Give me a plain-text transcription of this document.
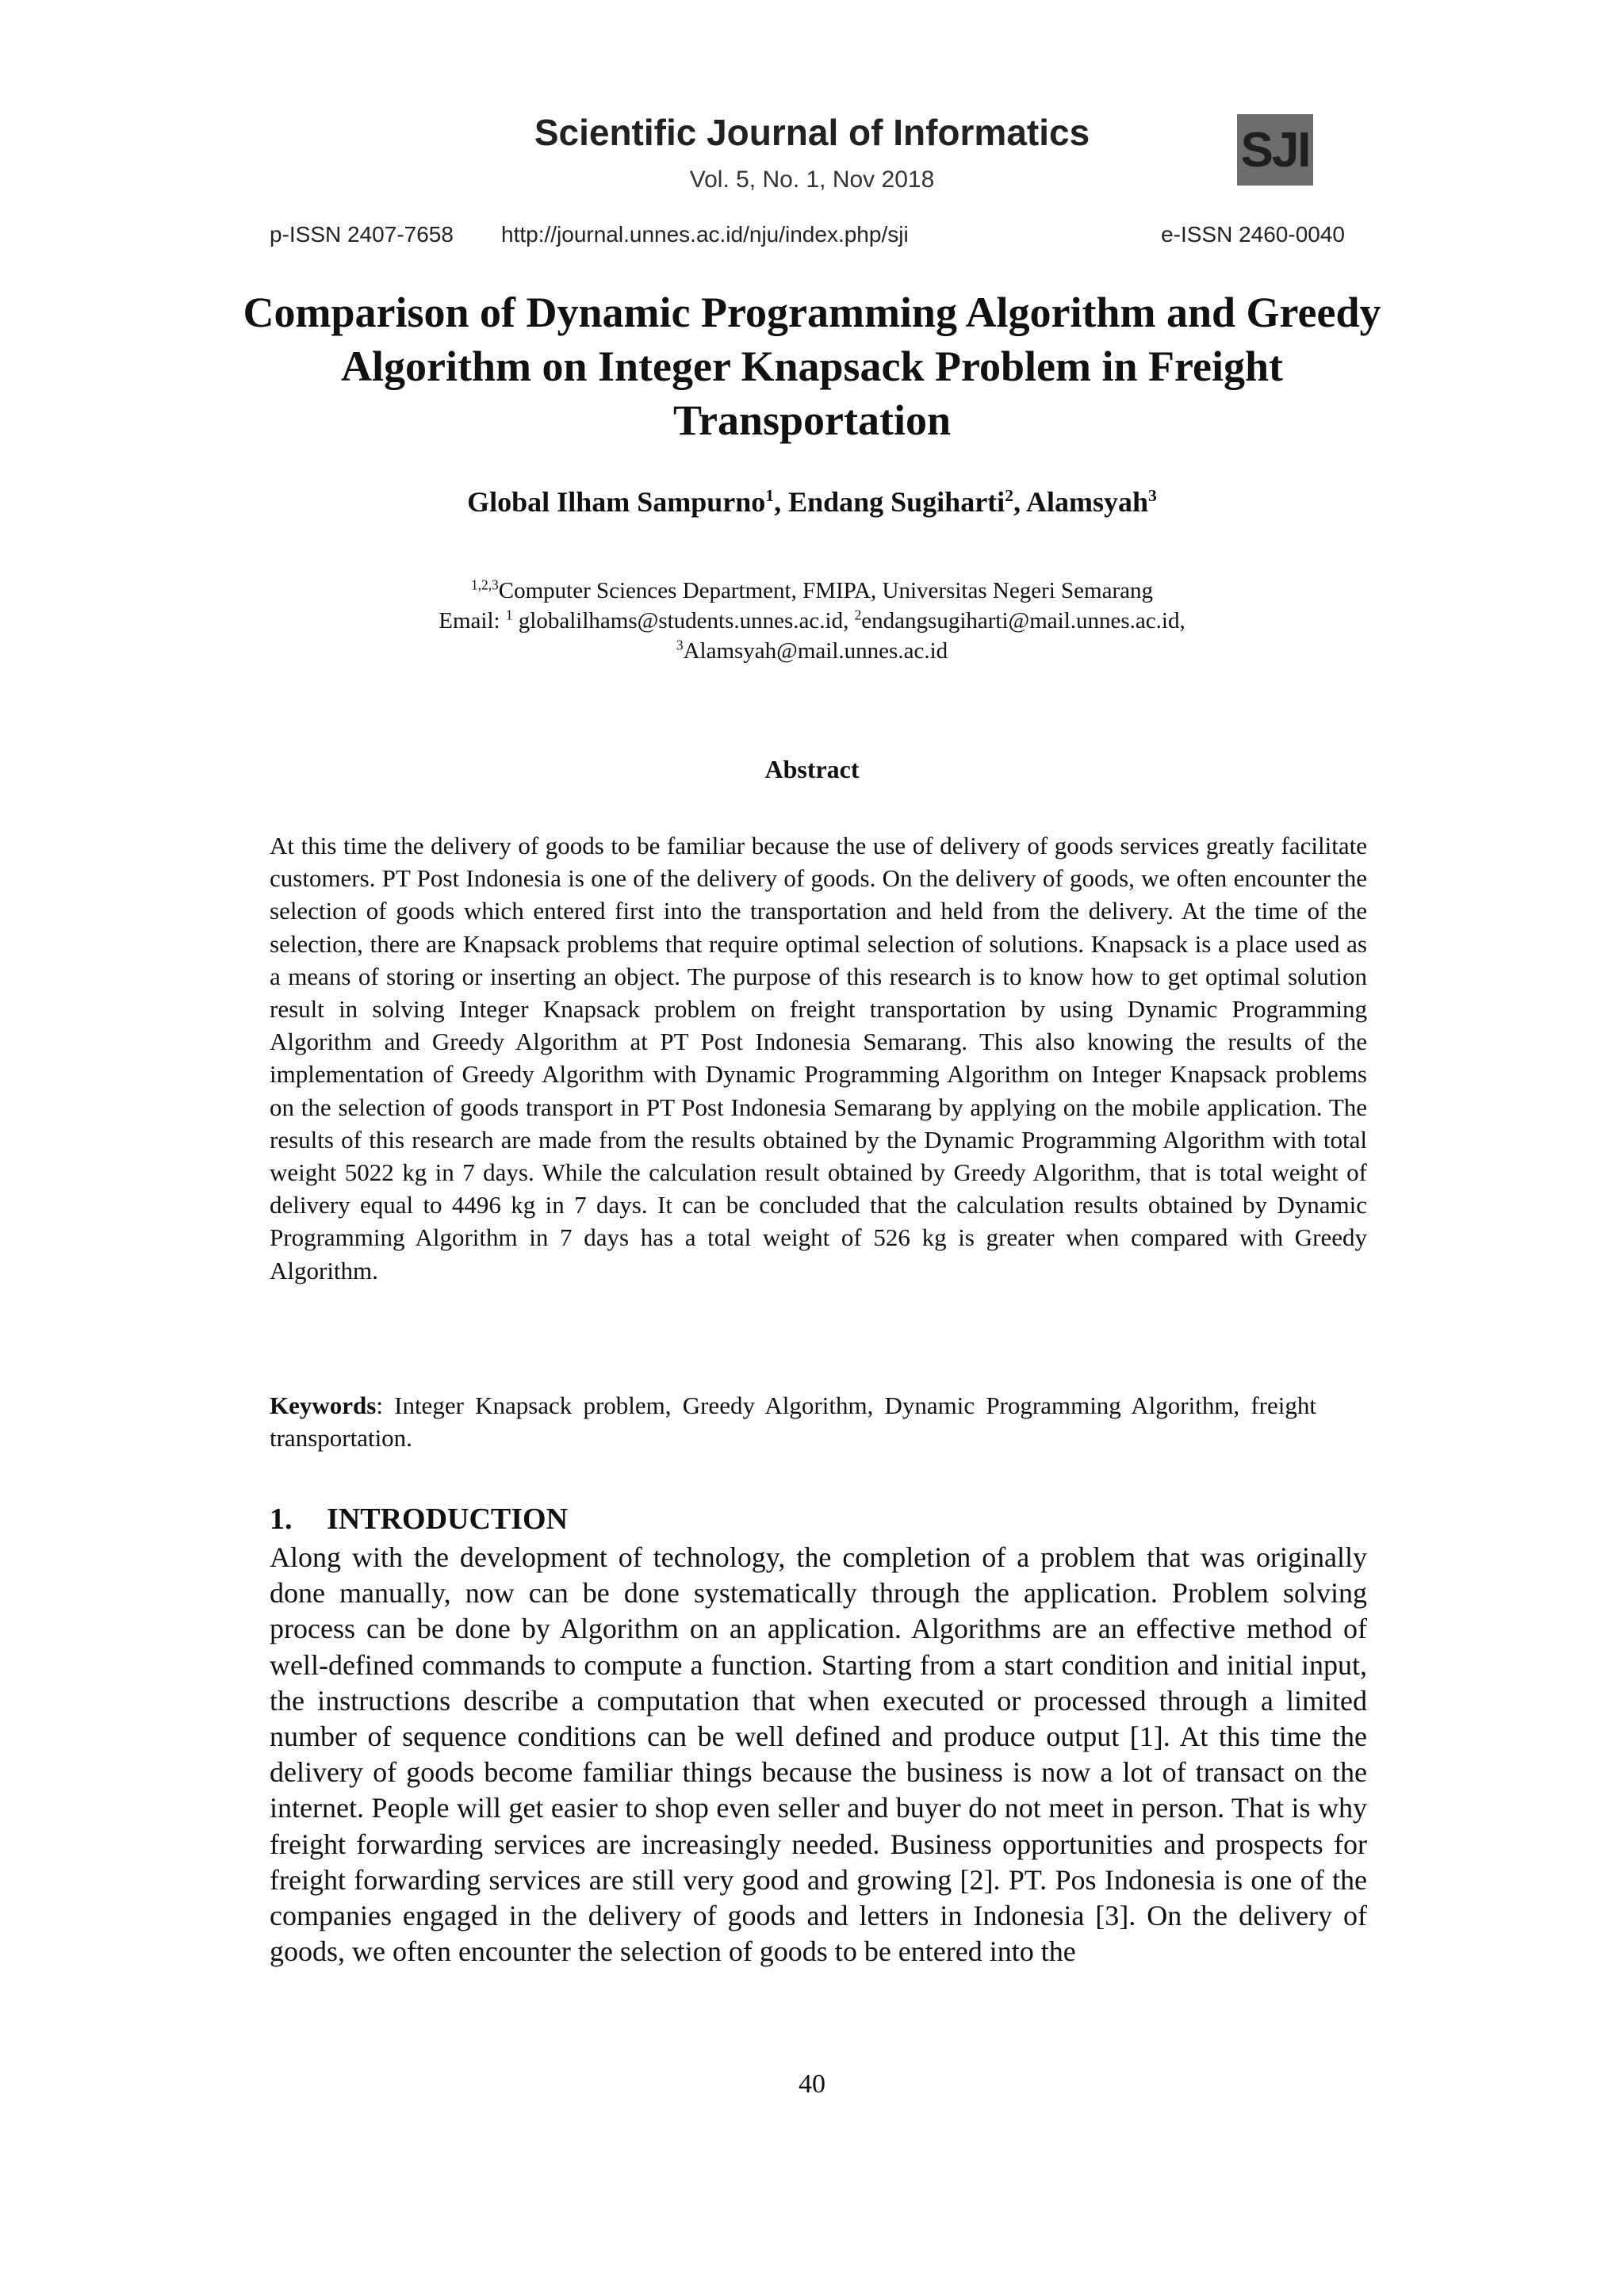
Scientific Journal of Informatics
Vol. 5, No. 1, Nov 2018
SJI
p-ISSN 2407-7658 http://journal.unnes.ac.id/nju/index.php/sji	e-ISSN 2460-0040
Comparison of Dynamic Programming Algorithm and Greedy Algorithm on Integer Knapsack Problem in Freight Transportation
Global Ilham Sampurno$^1$, Endang Sugiharti$^2$, Alamsyah$^3$
$^{1,2,3}$Computer Sciences Department, FMIPA, Universitas Negeri Semarang
Email: $^1$ globalilhams@students.unnes.ac.id, $^2$endangsugiharti@mail.unnes.ac.id,
$^3$Alamsyah@mail.unnes.ac.id
Abstract
At this time the delivery of goods to be familiar because the use of delivery of goods services greatly facilitate customers. PT Post Indonesia is one of the delivery of goods. On the delivery of goods, we often encounter the selection of goods which entered first into the transportation and held from the delivery. At the time of the selection, there are Knapsack problems that require optimal selection of solutions. Knapsack is a place used as a means of storing or inserting an object. The purpose of this research is to know how to get optimal solution result in solving Integer Knapsack problem on freight transportation by using Dynamic Programming Algorithm and Greedy Algorithm at PT Post Indonesia Semarang. This also knowing the results of the implementation of Greedy Algorithm with Dynamic Programming Algorithm on Integer Knapsack problems on the selection of goods transport in PT Post Indonesia Semarang by applying on the mobile application. The results of this research are made from the results obtained by the Dynamic Programming Algorithm with total weight 5022 kg in 7 days. While the calculation result obtained by Greedy Algorithm, that is total weight of delivery equal to 4496 kg in 7 days. It can be concluded that the calculation results obtained by Dynamic Programming Algorithm in 7 days has a total weight of 526 kg is greater when compared with Greedy Algorithm.
Keywords: Integer Knapsack problem, Greedy Algorithm, Dynamic Programming Algorithm, freight transportation.
1. INTRODUCTION
Along with the development of technology, the completion of a problem that was originally done manually, now can be done systematically through the application. Problem solving process can be done by Algorithm on an application. Algorithms are an effective method of well-defined commands to compute a function. Starting from a start condition and initial input, the instructions describe a computation that when executed or processed through a limited number of sequence conditions can be well defined and produce output [1]. At this time the delivery of goods become familiar things because the business is now a lot of transact on the internet. People will get easier to shop even seller and buyer do not meet in person. That is why freight forwarding services are increasingly needed. Business opportunities and prospects for freight forwarding services are still very good and growing [2]. PT. Pos Indonesia is one of the companies engaged in the delivery of goods and letters in Indonesia [3]. On the delivery of goods, we often encounter the selection of goods to be entered into the
40
